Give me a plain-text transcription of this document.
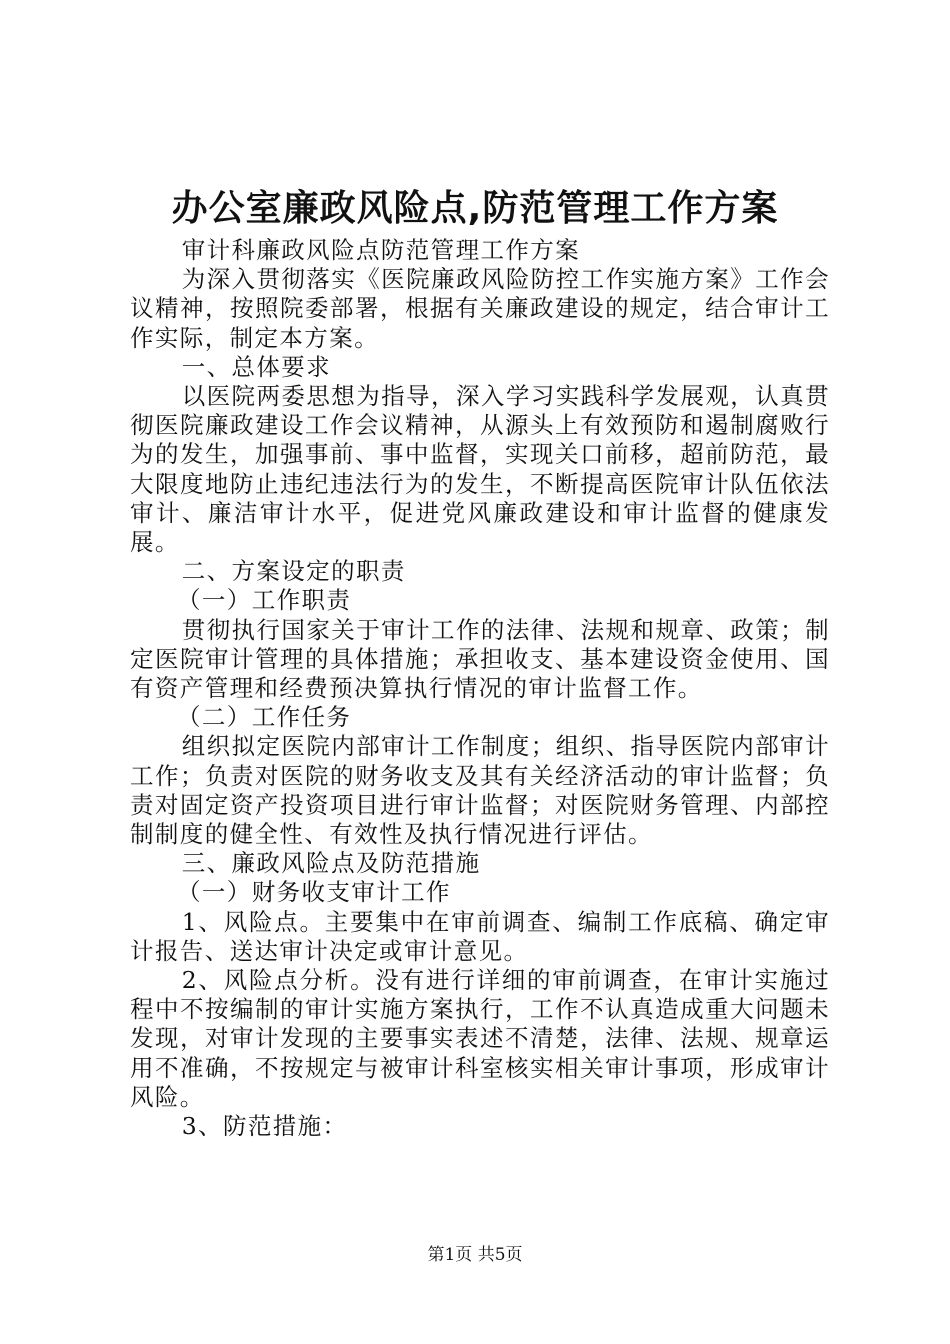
办公室廉政风险点,防范管理工作方案

审计科廉政风险点防范管理工作方案

为深入贯彻落实《医院廉政风险防控工作实施方案》工作会议精神，按照院委部署，根据有关廉政建设的规定，结合审计工作实际，制定本方案。

一、总体要求

以医院两委思想为指导，深入学习实践科学发展观，认真贯彻医院廉政建设工作会议精神，从源头上有效预防和遏制腐败行为的发生，加强事前、事中监督，实现关口前移，超前防范，最大限度地防止违纪违法行为的发生，不断提高医院审计队伍依法审计、廉洁审计水平，促进党风廉政建设和审计监督的健康发展。

二、方案设定的职责

（一）工作职责

贯彻执行国家关于审计工作的法律、法规和规章、政策；制定医院审计管理的具体措施；承担收支、基本建设资金使用、国有资产管理和经费预决算执行情况的审计监督工作。

（二）工作任务

组织拟定医院内部审计工作制度；组织、指导医院内部审计工作；负责对医院的财务收支及其有关经济活动的审计监督；负责对固定资产投资项目进行审计监督；对医院财务管理、内部控制制度的健全性、有效性及执行情况进行评估。

三、廉政风险点及防范措施

（一）财务收支审计工作

1、风险点。主要集中在审前调查、编制工作底稿、确定审计报告、送达审计决定或审计意见。

2、风险点分析。没有进行详细的审前调查，在审计实施过程中不按编制的审计实施方案执行，工作不认真造成重大问题未发现，对审计发现的主要事实表述不清楚，法律、法规、规章运用不准确，不按规定与被审计科室核实相关审计事项，形成审计风险。

3、防范措施：

第1页 共5页
